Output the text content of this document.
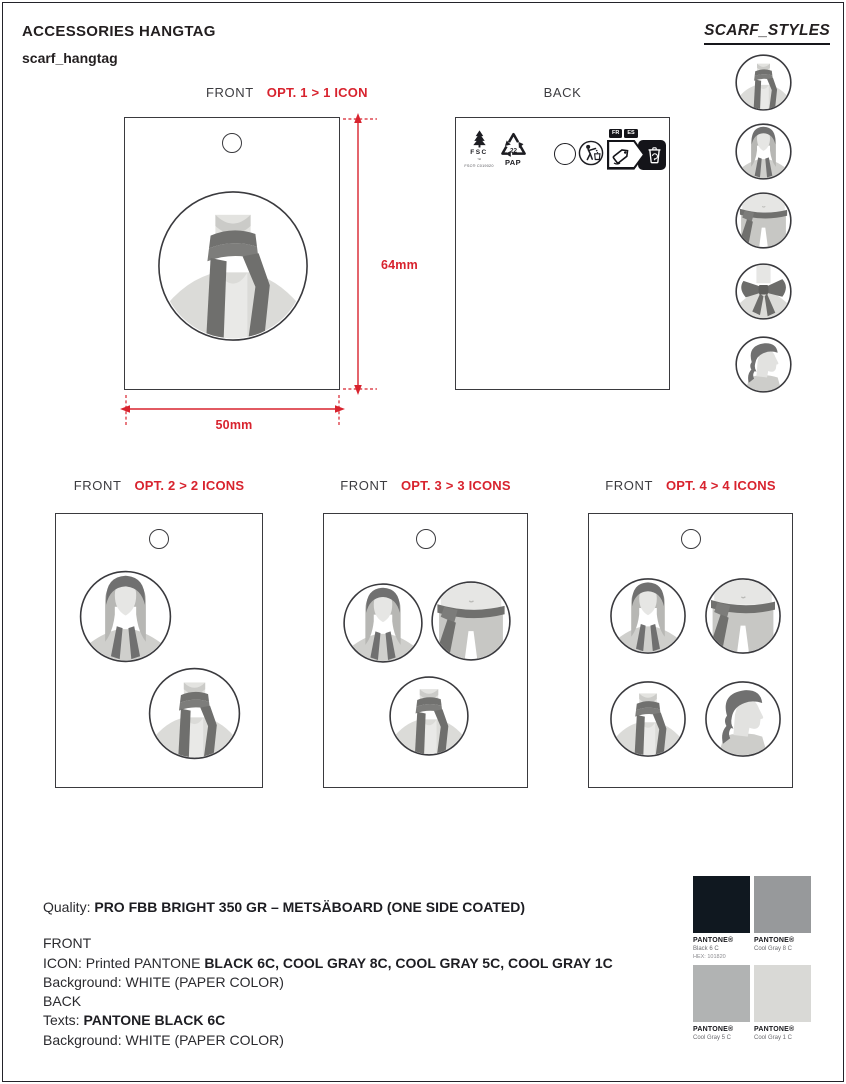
ACCESSORIES HANGTAG
scarf_hangtag
SCARF_STYLES
FRONT OPT. 1 > 1 ICON	BACK
64mm
50mm
FSC
™
FSC® C019020
22
PAP
FR	ES
FRONT OPT. 2 > 2 ICONS	FRONT OPT. 3 > 3 ICONS	FRONT OPT. 4 > 4 ICONS
Quality: PRO FBB BRIGHT 350 GR – METSÄBOARD (ONE SIDE COATED)
FRONT
ICON: Printed PANTONE BLACK 6C, COOL GRAY 8C, COOL GRAY 5C, COOL GRAY 1C
Background: WHITE (PAPER COLOR)
BACK
Texts: PANTONE BLACK 6C
Background: WHITE (PAPER COLOR)
PANTONE®
Black 6 C
HEX: 101820
PANTONE®
Cool Gray 8 C
PANTONE®
Cool Gray 5 C
PANTONE®
Cool Gray 1 C
